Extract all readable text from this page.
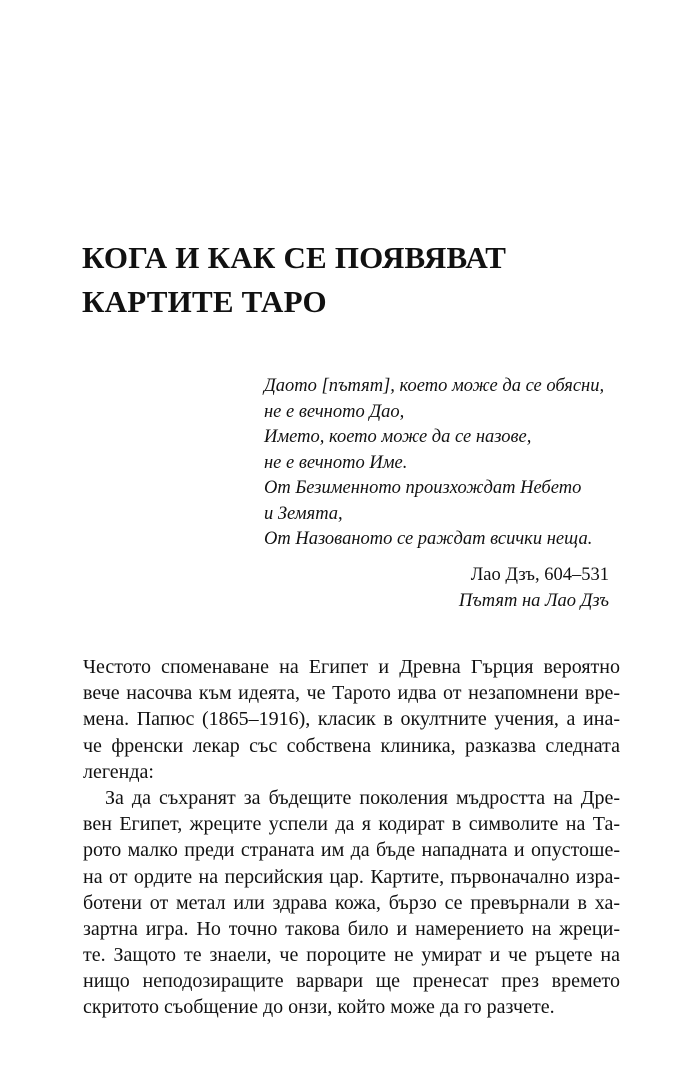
КОГА И КАК СЕ ПОЯВЯВАТ
КАРТИТЕ ТАРО
Даото [пътят], което може да се обясни,
не е вечното Дао,
Името, което може да се назове,
не е вечното Име.
От Безименното произхождат Небето
и Земята,
От Назованото се раждат всички неща.
Лао Дзъ, 604–531
Пътят на Лао Дзъ
Честото споменаване на Египет и Древна Гърция вероятно
вече насочва към идеята, че Тарото идва от незапомнени вре-
мена. Папюс (1865–1916), класик в окултните учения, а ина-
че френски лекар със собствена клиника, разказва следната
легенда:
За да съхранят за бъдещите поколения мъдростта на Дре-
вен Египет, жреците успели да я кодират в символите на Та-
рото малко преди страната им да бъде нападната и опустоше-
на от ордите на персийския цар. Картите, първоначално изра-
ботени от метал или здрава кожа, бързо се превърнали в ха-
зартна игра. Но точно такова било и намерението на жреци-
те. Защото те знаели, че пороците не умират и че ръцете на
нищо неподозиращите варвари ще пренесат през времето
скритото съобщение до онзи, който може да го разчете.
